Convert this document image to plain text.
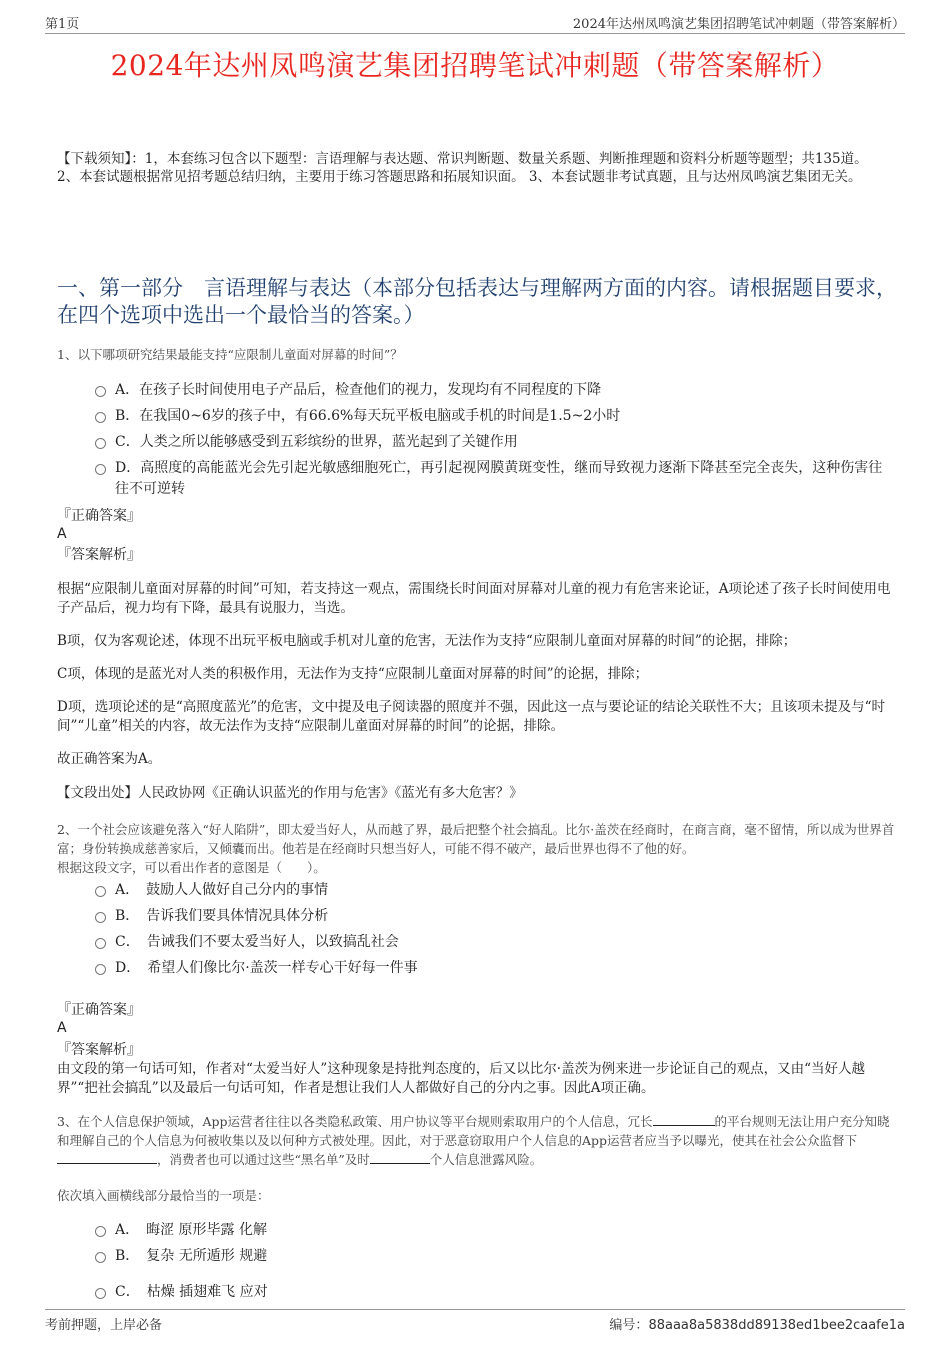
第1页	2024年达州凤鸣演艺集团招聘笔试冲刺题（带答案解析）
2024年达州凤鸣演艺集团招聘笔试冲刺题（带答案解析）
【下载须知】：1，本套练习包含以下题型：言语理解与表达题、常识判断题、数量关系题、判断推理题和资料分析题等题型；共135道。 2、本套试题根据常见招考题总结归纳，主要用于练习答题思路和拓展知识面。 3、本套试题非考试真题，且与达州凤鸣演艺集团无关。
一、第一部分　言语理解与表达（本部分包括表达与理解两方面的内容。请根据题目要求，在四个选项中选出一个最恰当的答案。）
1、以下哪项研究结果最能支持“应限制儿童面对屏幕的时间”？
A．在孩子长时间使用电子产品后，检查他们的视力，发现均有不同程度的下降
B．在我国0~6岁的孩子中，有66.6%每天玩平板电脑或手机的时间是1.5~2小时
C．人类之所以能够感受到五彩缤纷的世界，蓝光起到了关键作用
D．高照度的高能蓝光会先引起光敏感细胞死亡，再引起视网膜黄斑变性，继而导致视力逐渐下降甚至完全丧失，这种伤害往往不可逆转
『正确答案』
A
『答案解析』
根据“应限制儿童面对屏幕的时间”可知，若支持这一观点，需围绕长时间面对屏幕对儿童的视力有危害来论证，A项论述了孩子长时间使用电子产品后，视力均有下降，最具有说服力，当选。
B项，仅为客观论述，体现不出玩平板电脑或手机对儿童的危害，无法作为支持“应限制儿童面对屏幕的时间”的论据，排除；
C项，体现的是蓝光对人类的积极作用，无法作为支持“应限制儿童面对屏幕的时间”的论据，排除；
D项，选项论述的是“高照度蓝光”的危害，文中提及电子阅读器的照度并不强，因此这一点与要论证的结论关联性不大；且该项未提及与“时间”“儿童”相关的内容，故无法作为支持“应限制儿童面对屏幕的时间”的论据，排除。
故正确答案为A。
【文段出处】人民政协网《正确认识蓝光的作用与危害》《蓝光有多大危害？》
2、一个社会应该避免落入“好人陷阱”，即太爱当好人，从而越了界，最后把整个社会搞乱。比尔·盖茨在经商时，在商言商，毫不留情，所以成为世界首富；身份转换成慈善家后，又倾囊而出。他若是在经商时只想当好人，可能不得不破产，最后世界也得不了他的好。
根据这段文字，可以看出作者的意图是（　　）。
A．　鼓励人人做好自己分内的事情
B．　告诉我们要具体情况具体分析
C．　告诫我们不要太爱当好人，以致搞乱社会
D．　希望人们像比尔·盖茨一样专心干好每一件事
『正确答案』
A
『答案解析』
由文段的第一句话可知，作者对“太爱当好人”这种现象是持批判态度的，后又以比尔·盖茨为例来进一步论证自己的观点，又由“当好人越界”“把社会搞乱”以及最后一句话可知，作者是想让我们人人都做好自己的分内之事。因此A项正确。
3、在个人信息保护领域，App运营者往往以各类隐私政策、用户协议等平台规则索取用户的个人信息，冗长	的平台规则无法让用户充分知晓和理解自己的个人信息为何被收集以及以何种方式被处理。因此，对于恶意窃取用户个人信息的App运营者应当予以曝光，使其在社会公众监督下，消费者也可以通过这些“黑名单”及时	个人信息泄露风险。
依次填入画横线部分最恰当的一项是：
A．　晦涩 原形毕露 化解
B．　复杂 无所遁形 规避
C．　枯燥 插翅难飞 应对
考前押题，上岸必备	编号：88aaa8a5838dd89138ed1bee2caafe1a
